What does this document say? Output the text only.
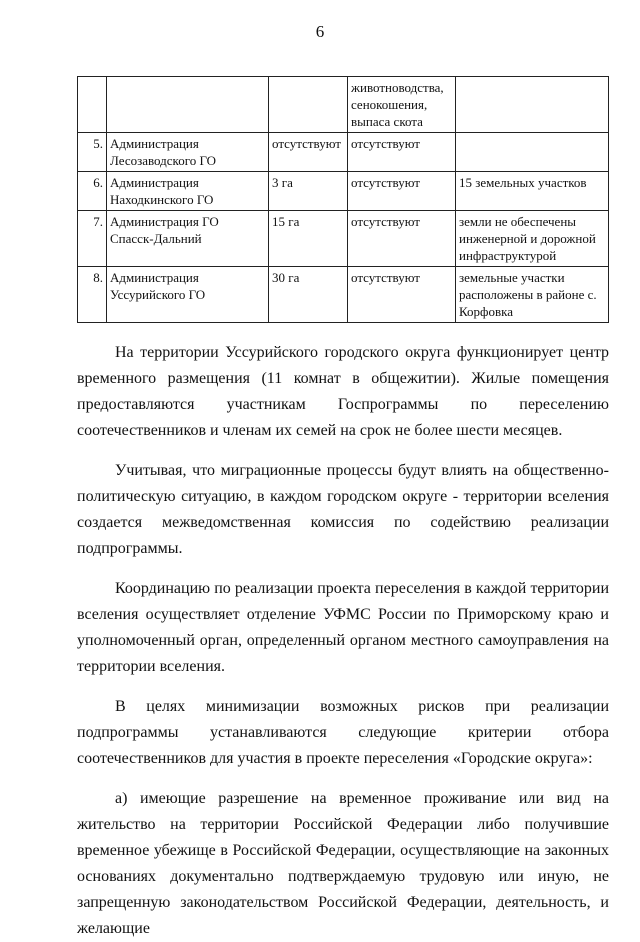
6
			животноводства, сенокошения, выпаса скота	
5.	Администрация Лесозаводского ГО	отсутствуют	отсутствуют	
6.	Администрация Находкинского ГО	3 га	отсутствуют	15 земельных участков
7.	Администрация ГО Спасск-Дальний	15 га	отсутствуют	земли не обеспечены инженерной и дорожной инфраструктурой
8.	Администрация Уссурийского ГО	30 га	отсутствуют	земельные участки расположены в районе с. Корфовка

На территории Уссурийского городского округа функционирует центр временного размещения (11 комнат в общежитии). Жилые помещения предоставляются участникам Госпрограммы по переселению соотечественников и членам их семей на срок не более шести месяцев.

Учитывая, что миграционные процессы будут влиять на общественно-политическую ситуацию, в каждом городском округе - территории вселения создается межведомственная комиссия по содействию реализации подпрограммы.

Координацию по реализации проекта переселения в каждой территории вселения осуществляет отделение УФМС России по Приморскому краю и уполномоченный орган, определенный органом местного самоуправления на территории вселения.

В целях минимизации возможных рисков при реализации подпрограммы устанавливаются следующие критерии отбора соотечественников для участия в проекте переселения «Городские округа»:

а) имеющие разрешение на временное проживание или вид на жительство на территории Российской Федерации либо получившие временное убежище в Российской Федерации, осуществляющие на законных основаниях документально подтверждаемую трудовую или иную, не запрещенную законодательством Российской Федерации, деятельность, и желающие
